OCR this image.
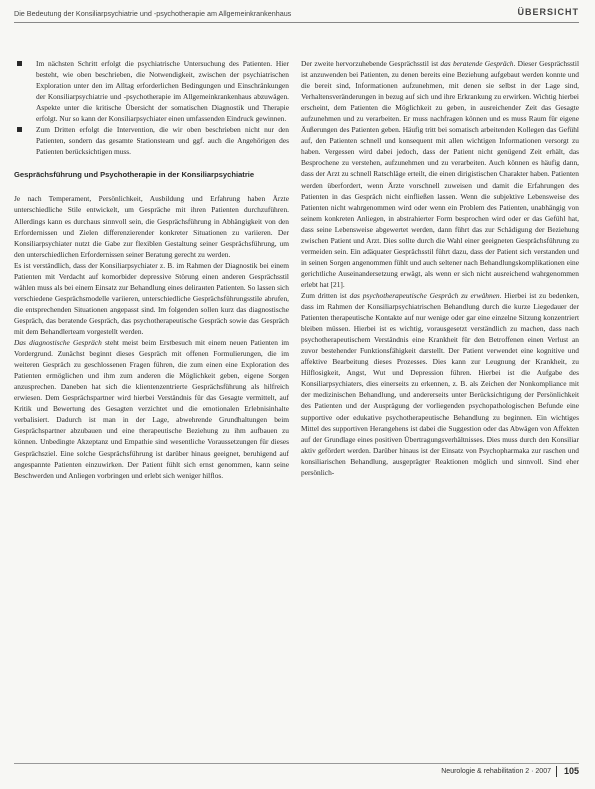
Die Bedeutung der Konsiliarpsychiatrie und -psychotherapie am Allgemeinkrankenhaus	ÜBERSICHT

Im nächsten Schritt erfolgt die psychiatrische Untersuchung des Patienten. Hier besteht, wie oben beschrieben, die Notwendigkeit, zwischen der psychiatrischen Exploration unter den im Alltag erforderlichen Bedingungen und Einschränkungen der Konsiliarpsychiatrie und -psychotherapie im Allgemeinkrankenhaus abzuwägen. Aspekte unter die kritische Übersicht der somatischen Diagnostik und Therapie erfolgt. Nur so kann der Konsiliarpsychiater einen umfassenden Eindruck gewinnen.

Zum Dritten erfolgt die Intervention, die wir oben beschrieben nicht nur den Patienten, sondern das gesamte Stationsteam und ggf. auch die Angehörigen des Patienten berücksichtigen muss.

Gesprächsführung und Psychotherapie in der Konsiliarpsychiatrie

Je nach Temperament, Persönlichkeit, Ausbildung und Erfahrung haben Ärzte unterschiedliche Stile entwickelt, um Gespräche mit ihren Patienten durchzuführen. Allerdings kann es durchaus sinnvoll sein, die Gesprächsführung in Abhängigkeit von den Erfordernissen und Zielen differenzierender konkreter Situationen zu variieren. Der Konsiliarpsychiater nutzt die Gabe zur flexiblen Gestaltung seiner Gesprächsführung, um den unterschiedlichen Erfordernissen seiner Beratung gerecht zu werden.

Es ist verständlich, dass der Konsiliarpsychiater z. B. im Rahmen der Diagnostik bei einem Patienten mit Verdacht auf komorbider depressive Störung einen anderen Gesprächsstil wählen muss als bei einem Einsatz zur Behandlung eines delirанten Patienten. So lassen sich verschiedene Gesprächsmodelle variieren, unterschiedliche Gesprächsführungsstile abrufen, die entsprechenden Situationen angepasst sind. Im folgenden sollen kurz das diagnostische Gespräch, das beratende Gespräch, das psychotherapeutische Gespräch sowie das Gespräch mit dem Behandlerteam vorgestellt werden.

Das diagnostische Gespräch steht meist beim Erstbesuch mit einem neuen Patienten im Vordergrund. Zunächst beginnt dieses Gespräch mit offenen Formulierungen, die im weiteren Gespräch zu geschlossenen Fragen führen, die zum einen eine Exploration des Patienten ermöglichen und ihm zum anderen die Möglichkeit geben, eigene Sorgen anzusprechen. Daneben hat sich die klientenzentrierte Gesprächsführung als hilfreich erwiesen. Dem Gesprächspartner wird hierbei Verständnis für das Gesagte vermittelt, auf Kritik und Bewertung des Gesagten verzichtet und die emotionalen Erlebnisinhalte verbalisiert. Dadurch ist man in der Lage, abwehrende Grundhaltungen beim Gesprächspartner abzubauen und eine therapeutische Beziehung zu ihm aufbauen zu können. Unbedingte Akzeptanz und Empathie sind wesentliche Voraussetzungen für dieses Gesprächsziel. Eine solche Gesprächsführung ist darüber hinaus geeignet, beruhigend auf angespannte Patienten einzuwirken. Der Patient fühlt sich ernst genommen, kann seine Beschwerden und Anliegen vorbringen und erlebt sich weniger hilflos.

Der zweite hervorzuhebende Gesprächsstil ist das beratende Gespräch. Dieser Gesprächsstil ist anzuwenden bei Patienten, zu denen bereits eine Beziehung aufgebaut werden konnte und die bereit sind, Informationen aufzunehmen, mit denen sie selbst in der Lage sind, Verhaltensveränderungen in bezug auf sich und ihre Erkrankung zu erwirken. Wichtig hierbei erscheint, dem Patienten die Möglichkeit zu geben, in ausreichender Zeit das Gesagte aufzunehmen und zu verarbeiten. Er muss nachfragen können und es muss Raum für eigene Äußerungen des Patienten geben. Häufig tritt bei somatisch arbeitenden Kollegen das Gefühl auf, den Patienten schnell und konsequent mit allen wichtigen Informationen versorgt zu haben. Vergessen wird dabei jedoch, dass der Patient nicht genügend Zeit erhält, das Besprochene zu verstehen, aufzunehmen und zu verarbeiten. Auch können es häufig dann, dass der Arzt zu schnell Ratschläge erteilt, die einen dirigistischen Charakter haben. Patienten werden überfordert, wenn Ärzte vorschnell zuweisen und damit die Erfahrungen des Patienten in das Gespräch nicht einfließen lassen. Wenn die subjektive Lebensweise des Patienten nicht wahrgenommen wird oder wenn ein Problem des Patienten, unabhängig von seinem konkreten Anliegen, in abstrahierter Form besprochen wird oder er das Gefühl hat, dass seine Lebensweise abgewertet werden, dann führt das zur Schädigung der Beziehung zwischen Patient und Arzt. Dies sollte durch die Wahl einer geeigneten Gesprächsführung zu vermeiden sein. Ein adäquater Gesprächsstil führt dazu, dass der Patient sich verstanden und in seinen Sorgen angenommen fühlt und auch seltener nach Behandlungskomplikationen eine gerichtliche Auseinandersetzung erwägt, als wenn er sich nicht ausreichend wahrgenommen erlebt hat [21].

Zum dritten ist das psychotherapeutische Gespräch zu erwähnen. Hierbei ist zu bedenken, dass im Rahmen der Konsiliarpsychiatrischen Behandlung durch die kurze Liegedauer der Patienten therapeutische Kontakte auf nur wenige oder gar eine einzelne Sitzung konzentriert bleiben müssen. Hierbei ist es wichtig, vorausgesetzt verständlich zu machen, dass nach psychotherapeutischem Verständnis eine Krankheit für den Betroffenen einen Verlust an zuvor bestehender Funktionsfähigkeit darstellt. Der Patient verwendet eine kognitive und affektive Bearbeitung dieses Prozesses. Dies kann zur Leugnung der Krankheit, zu Hilflosigkeit, Angst, Wut und Depression führen. Hierbei ist die Aufgabe des Konsiliarpsychiaters, dies einerseits zu erkennen, z. B. als Zeichen der Nonkompliance mit der medizinischen Behandlung, und andererseits unter Berücksichtigung der Persönlichkeit des Patienten und der Ausprägung der vorliegenden psychopathologischen Befunde eine supportive oder edukative psychotherapeutische Behandlung zu beginnen. Ein wichtiges Mittel des supportiven Herangehens ist dabei die Suggestion oder das Abwägen von Affekten auf der Grundlage eines positiven Übertragungsverhältnisses. Dies muss durch den Konsiliar aktiv gefördert werden. Darüber hinaus ist der Einsatz von Psychopharmaka zur raschen und konsiliarischen Behandlung, ausgeprägter Reaktionen möglich und sinnvoll. Sind eher persönlich-

Neurologie & rehabilitation 2 · 2007 105
